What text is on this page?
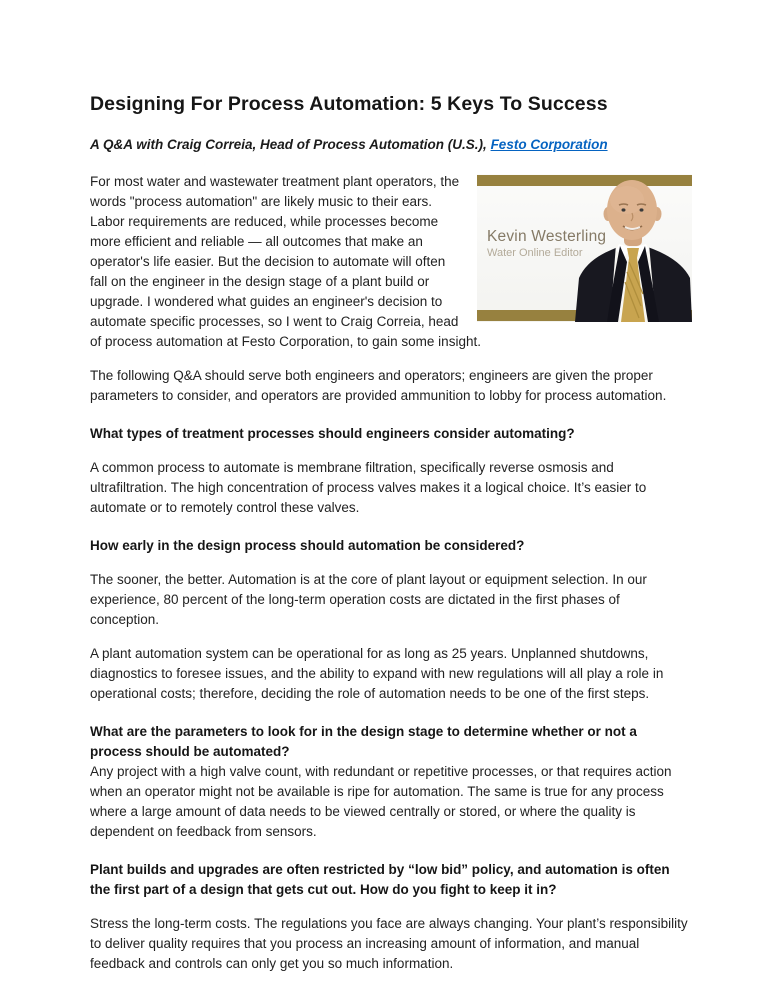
Designing For Process Automation: 5 Keys To Success

A Q&A with Craig Correia, Head of Process Automation (U.S.), Festo Corporation

Kevin Westerling
Water Online Editor

For most water and wastewater treatment plant operators, the words "process automation" are likely music to their ears. Labor requirements are reduced, while processes become more efficient and reliable — all outcomes that make an operator's life easier. But the decision to automate will often fall on the engineer in the design stage of a plant build or upgrade. I wondered what guides an engineer's decision to automate specific processes, so I went to Craig Correia, head of process automation at Festo Corporation, to gain some insight.

The following Q&A should serve both engineers and operators; engineers are given the proper parameters to consider, and operators are provided ammunition to lobby for process automation.

What types of treatment processes should engineers consider automating?

A common process to automate is membrane filtration, specifically reverse osmosis and ultrafiltration. The high concentration of process valves makes it a logical choice. It’s easier to automate or to remotely control these valves.

How early in the design process should automation be considered?

The sooner, the better. Automation is at the core of plant layout or equipment selection. In our experience, 80 percent of the long-term operation costs are dictated in the first phases of conception.

A plant automation system can be operational for as long as 25 years. Unplanned shutdowns, diagnostics to foresee issues, and the ability to expand with new regulations will all play a role in operational costs; therefore, deciding the role of automation needs to be one of the first steps.

What are the parameters to look for in the design stage to determine whether or not a process should be automated?

Any project with a high valve count, with redundant or repetitive processes, or that requires action when an operator might not be available is ripe for automation. The same is true for any process where a large amount of data needs to be viewed centrally or stored, or where the quality is dependent on feedback from sensors.

Plant builds and upgrades are often restricted by “low bid” policy, and automation is often the first part of a design that gets cut out. How do you fight to keep it in?

Stress the long-term costs. The regulations you face are always changing. Your plant’s responsibility to deliver quality requires that you process an increasing amount of information, and manual feedback and controls can only get you so much information.
